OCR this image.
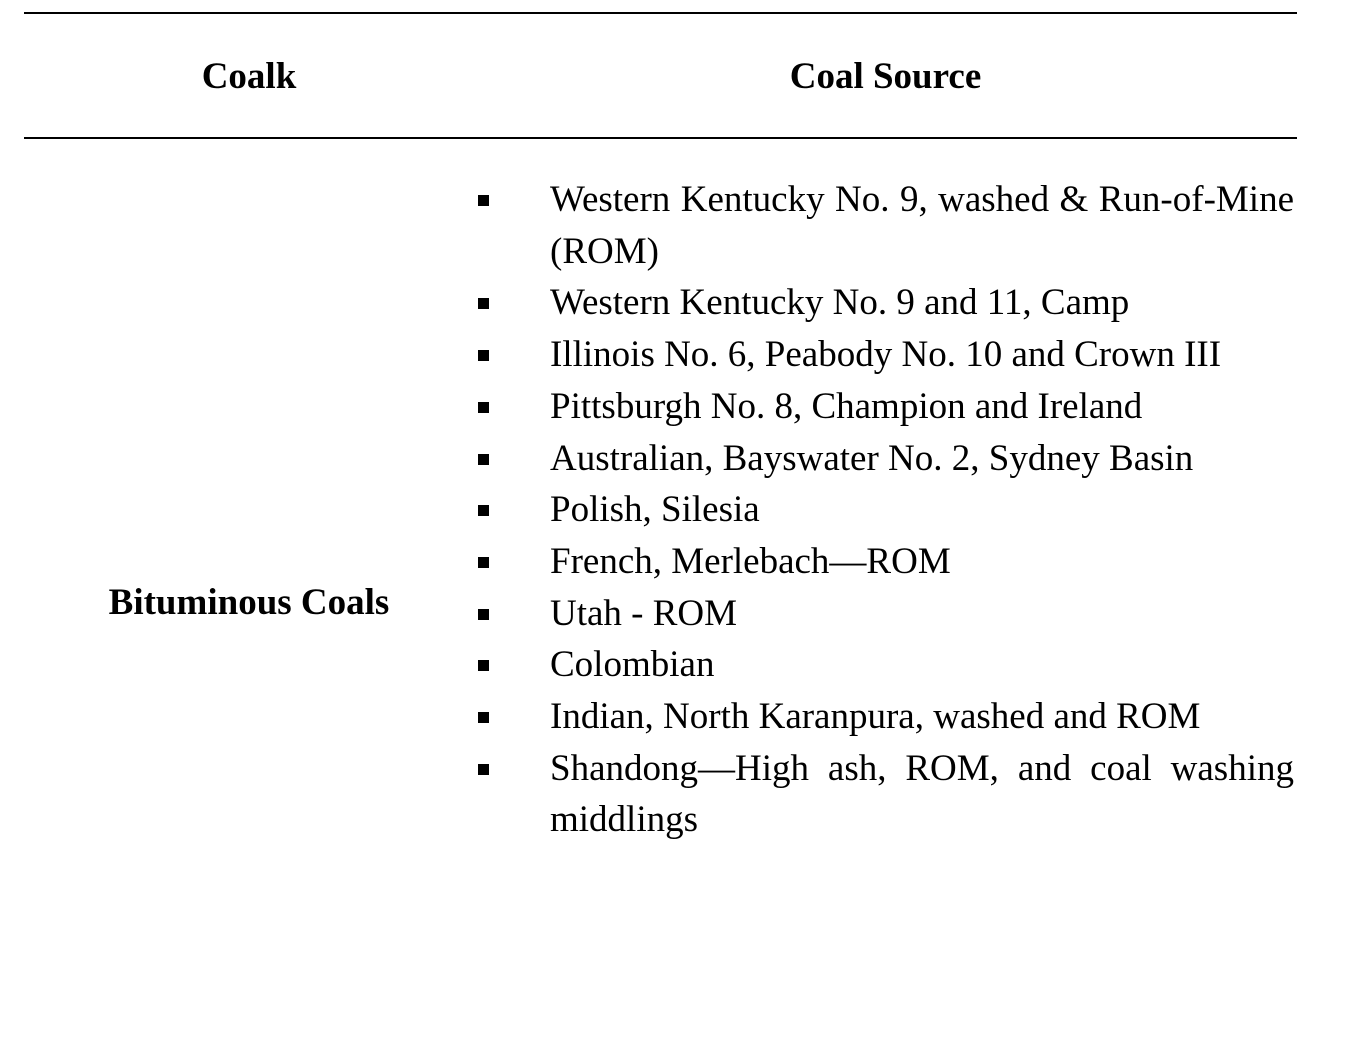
Coalk	Coal Source
Bituminous Coals
Western Kentucky No. 9, washed & Run-of-Mine (ROM)
Western Kentucky No. 9 and 11, Camp
Illinois No. 6, Peabody No. 10 and Crown III
Pittsburgh No. 8, Champion and Ireland
Australian, Bayswater No. 2, Sydney Basin
Polish, Silesia
French, Merlebach—ROM
Utah - ROM
Colombian
Indian, North Karanpura, washed and ROM
Shandong—High ash, ROM, and coal washing middlings
